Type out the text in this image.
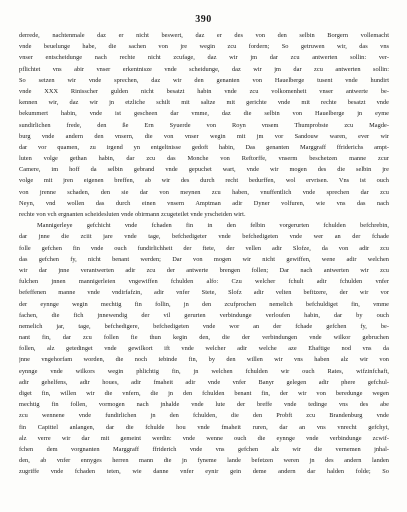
390
derrede, nachtenmale daz er nicht beswert, daz er des von den selbin Borgern vollemacht
vnde beuelunge habe, die sachen von jre wegin zcu fordern; So getruwen wir, das vns
vnser entscheidunge nach rechte nicht zcufage, daz wir jm dar zcu antwerten sollin: ver-
pflichtet vns abir vnser erkentnisze vnde scheidunge, daz wir jm dar zcu antwerten sollin:
So setzen wir vnde sprechen, daz wir den genanten von Hauelberge tusent vnde hundirt
vnde XXX Rinisscher gulden nicht besatzt habin vnde zcu volkomenheit vnser antwerte be-
kennen wir, daz wir jn etzliche schilt mit saltze mit gerichte vnde mit rechte besatzt vnde
bekummert habin, vnde ist gescheen dar vmme, daz die selbin von Hauelberge jn eyme
sundirlichen frede, den ße Ern Syuerde von Royn vnsem Thumprobste zcu Magde-
burg vnde andern den vnsern, die von vnser wegin mit jm vor Sandouw waren, ever wir
dar vor quamen, zu irgend yn entgeltnisse gedoft habin, Das genanten Marggraff ffriderichs ampt-
luten volge gethan habin, dar zcu das Monche von Reftorffe, vnserm beschetzen manne zcur
Camere, im hoff da selbin gebrand vnde gepuchet wart, vnde wir mogen des die selbin jre
volge mit jren eigenen breffen, ab wir des durch recht bedurffen, wol ervrisen. Vns ist ouch
von jrenne schaden, den sie dar von meynen zcu haben, vnuffentlich vnde sprechen dar zcu
Neyn, vnd wollen das durch einen vnsern Amptman adir Dyner volfuren, wie vns das nach
rechte von vch ergnanten scheidesluten vnde obirmann zcugeteilet vnde yrscheiden wirt.
Mannigerleye gefchicht vnde fchaden fin in den felbin vorgerurten fchulden befchrebin,
dar jnne die zciit jare vnde tage, befchedigeter vnde befchedigeten vnde wer an der fchade
folle gefchen fin vnde ouch fundirlichheit der ftete, der vellen adir Slofze, da von adir zcu
das gefchen fy, nicht benant werden; Dar von mogen wir nicht gewiffen, wene adir welchen
wir dar jnne verantwerten adir zcu der antwerte brengen follen; Dar nach antwerten wir zcu
fulchen jnnen mannigerleien vngewiffen fchulden alfo: Czu welcher fchult adir fchulden vnfer
befeffenen manne vnde vndirfafzin, adir vnfer Stete, Slofz adir velten befitzere, der wir vor
der eynnge wegin mechtig fin follin, jn den zcufprochen nemelich befchuldiget fin, vmme
fachen, die fich jnnewendig der vil gerurten verbindunge verloufen habin, dar by ouch
nemelich jar, tage, befchedigere, befchedigeten vnde wor an der fchade gefchen fy, be-
nant fin, dar zcu follen fie thun kegin den, die der verbindungen vnde wilkor gebruchen
follen, alz getedinget vnde gewilkort ift vnde welcher adir welche aze Ehaftige nod vns da
jnne vngehorfam worden, die noch iebinde fin, by den willen wir vns haben alz wir von
eynnge vnde wilkors wegin phlichtig fin, jn welchen fchulden wir ouch Rates, wifzinfchaft,
adir gehelfens, adir houes, adir fmaheit adir vnde vnfer Banyr gelegen adir phere gefchul-
diget fin, willen wir die vnfern, die jn den fchulden benant fin, der wir von beredunge wegen
mechtig fin follen, vormogen nach jnhalde vnde lute der breffe vnde tedinge vns des abe
zcu wennene vnde fundirlichen jn den fchulden, die den Probft zcu Brandenburg vnde
fin Capittel anlangen, dar die fchulde hou vnde fmaheit ruren, dar an vns vnrecht gefchyt,
alz verre wir dar mit gemeint werdin: vnde wenne ouch die eynnge vnde verbindunge zcwif-
fchen dem vorgnanten Marggraff ffriderich vnde vns gefchen alz wir die vernemen jnhal-
den, ab vnfer ennyges herren mann die jn fyneme lande befetzen weren jn des andern landen
zugriffe vnde fchaden teten, wie danne vnfer eynir gein deme andern dar halden folde; So
